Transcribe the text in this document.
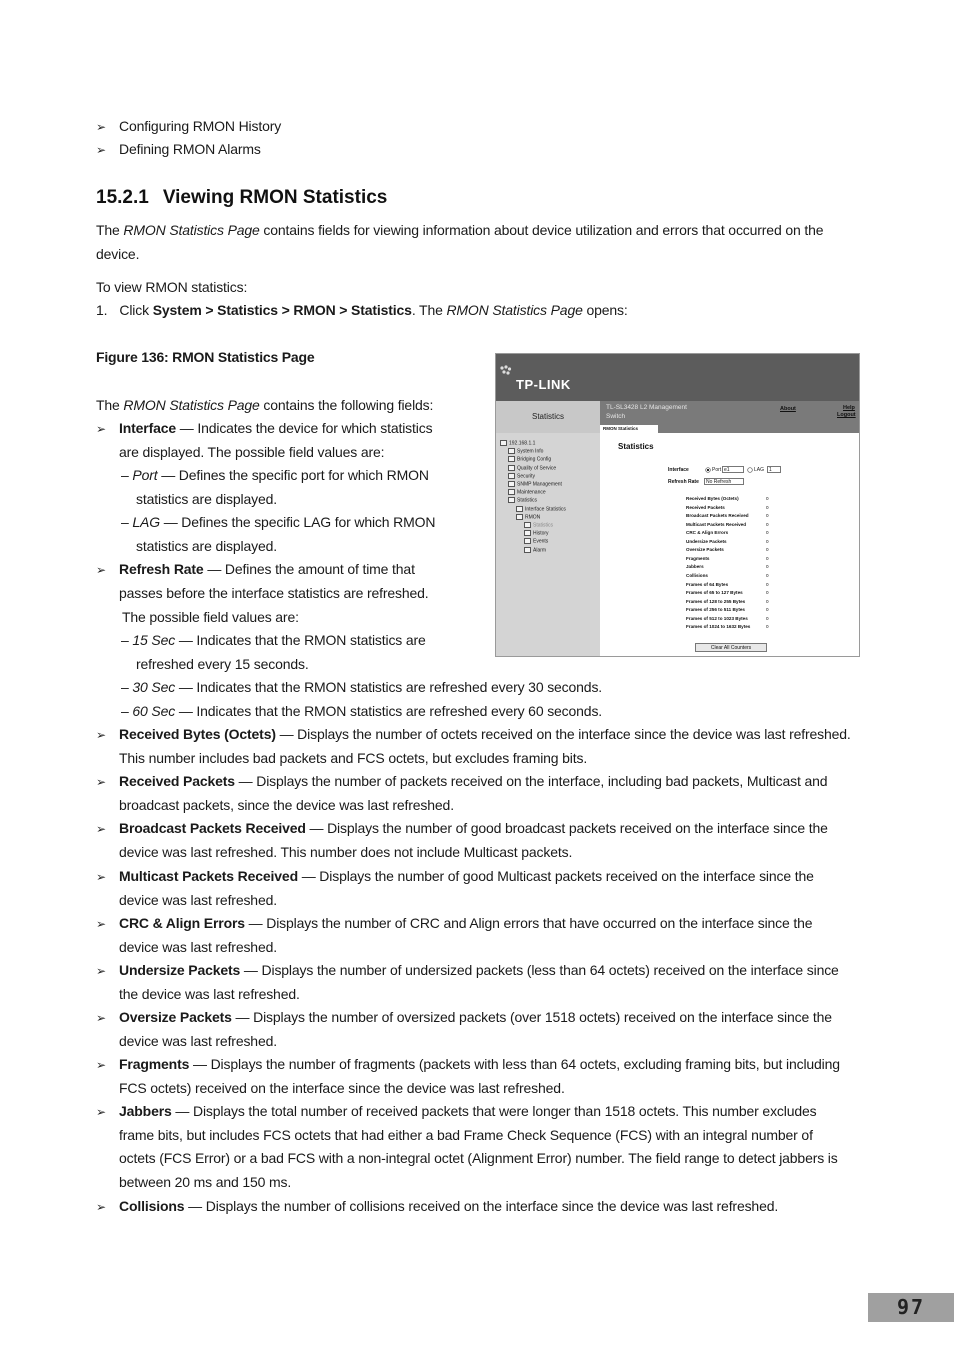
➢ Configuring RMON History
➢ Defining RMON Alarms
15.2.1 Viewing RMON Statistics
The RMON Statistics Page contains fields for viewing information about device utilization and errors that occurred on the
device.
To view RMON statistics:
1. Click System > Statistics > RMON > Statistics. The RMON Statistics Page opens:
Figure 136: RMON Statistics Page
The RMON Statistics Page contains the following fields:
➢ Interface — Indicates the device for which statistics
are displayed. The possible field values are:
– Port — Defines the specific port for which RMON
statistics are displayed.
– LAG — Defines the specific LAG for which RMON
statistics are displayed.
➢ Refresh Rate — Defines the amount of time that
passes before the interface statistics are refreshed.
The possible field values are:
– 15 Sec — Indicates that the RMON statistics are
refreshed every 15 seconds.
– 30 Sec — Indicates that the RMON statistics are refreshed every 30 seconds.
– 60 Sec — Indicates that the RMON statistics are refreshed every 60 seconds.
➢ Received Bytes (Octets) — Displays the number of octets received on the interface since the device was last refreshed.
This number includes bad packets and FCS octets, but excludes framing bits.
➢ Received Packets — Displays the number of packets received on the interface, including bad packets, Multicast and
broadcast packets, since the device was last refreshed.
➢ Broadcast Packets Received — Displays the number of good broadcast packets received on the interface since the
device was last refreshed. This number does not include Multicast packets.
➢ Multicast Packets Received — Displays the number of good Multicast packets received on the interface since the
device was last refreshed.
➢ CRC & Align Errors — Displays the number of CRC and Align errors that have occurred on the interface since the
device was last refreshed.
➢ Undersize Packets — Displays the number of undersized packets (less than 64 octets) received on the interface since
the device was last refreshed.
➢ Oversize Packets — Displays the number of oversized packets (over 1518 octets) received on the interface since the
device was last refreshed.
➢ Fragments — Displays the number of fragments (packets with less than 64 octets, excluding framing bits, but including
FCS octets) received on the interface since the device was last refreshed.
➢ Jabbers — Displays the total number of received packets that were longer than 1518 octets. This number excludes
frame bits, but includes FCS octets that had either a bad Frame Check Sequence (FCS) with an integral number of
octets (FCS Error) or a bad FCS with a non-integral octet (Alignment Error) number. The field range to detect jabbers is
between 20 ms and 150 ms.
➢ Collisions — Displays the number of collisions received on the interface since the device was last refreshed.
TP-LINK
Statistics
TL-SL3428 L2 Management
Switch
About	Help
Logout
RMON Statistics
192.168.1.1
System Info
Bridging Config
Quality of Service
Security
SNMP Management
Maintenance
Statistics
Interface Statistics
RMON
Statistics
History
Events
Alarm
Statistics
Interface	Port e1	LAG 1
Refresh Rate	No Refresh
Received Bytes (Octets)	0
Received Packets	0
Broadcast Packets Received	0
Multicast Packets Received	0
CRC & Align Errors	0
Undersize Packets	0
Oversize Packets	0
Fragments	0
Jabbers	0
Collisions	0
Frames of 64 Bytes	0
Frames of 65 to 127 Bytes	0
Frames of 128 to 255 Bytes	0
Frames of 256 to 511 Bytes	0
Frames of 512 to 1023 Bytes	0
Frames of 1024 to 1632 Bytes	0
Clear All Counters
97
